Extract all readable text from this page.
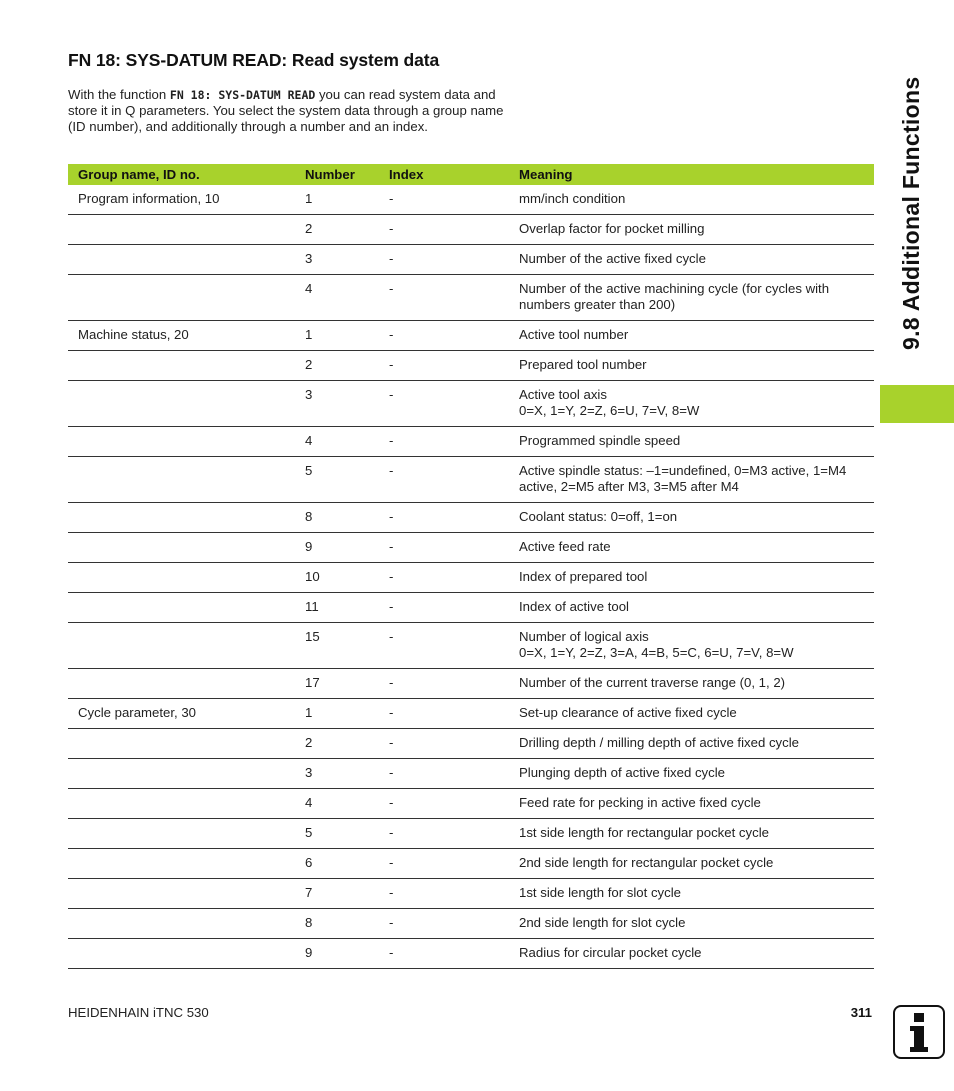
FN 18: SYS-DATUM READ: Read system data

With the function FN 18: SYS-DATUM READ you can read system data and store it in Q parameters. You select the system data through a group name (ID number), and additionally through a number and an index.

Group name, ID no.	Number	Index	Meaning
Program information, 10	1	-	mm/inch condition
	2	-	Overlap factor for pocket milling
	3	-	Number of the active fixed cycle
	4	-	Number of the active machining cycle (for cycles with numbers greater than 200)
Machine status, 20	1	-	Active tool number
	2	-	Prepared tool number
	3	-	Active tool axis
0=X, 1=Y, 2=Z, 6=U, 7=V, 8=W
	4	-	Programmed spindle speed
	5	-	Active spindle status: –1=undefined, 0=M3 active, 1=M4 active, 2=M5 after M3, 3=M5 after M4
	8	-	Coolant status: 0=off, 1=on
	9	-	Active feed rate
	10	-	Index of prepared tool
	11	-	Index of active tool
	15	-	Number of logical axis
0=X, 1=Y, 2=Z, 3=A, 4=B, 5=C, 6=U, 7=V, 8=W
	17	-	Number of the current traverse range (0, 1, 2)
Cycle parameter, 30	1	-	Set-up clearance of active fixed cycle
	2	-	Drilling depth / milling depth of active fixed cycle
	3	-	Plunging depth of active fixed cycle
	4	-	Feed rate for pecking in active fixed cycle
	5	-	1st side length for rectangular pocket cycle
	6	-	2nd side length for rectangular pocket cycle
	7	-	1st side length for slot cycle
	8	-	2nd side length for slot cycle
	9	-	Radius for circular pocket cycle
9.8 Additional Functions
HEIDENHAIN iTNC 530	311
